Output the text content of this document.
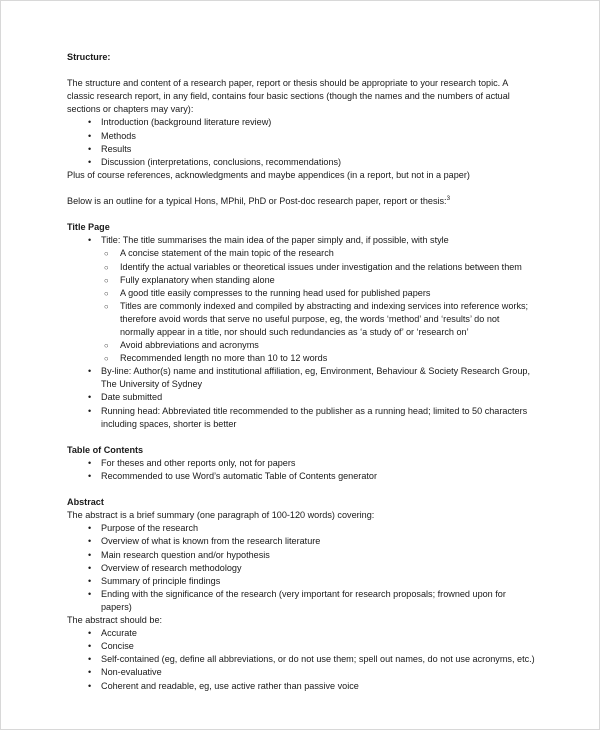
Structure:

The structure and content of a research paper, report or thesis should be appropriate to your research topic. A classic research report, in any field, contains four basic sections (though the names and the numbers of actual sections or chapters may vary):

• Introduction (background literature review)
• Methods
• Results
• Discussion (interpretations, conclusions, recommendations)

Plus of course references, acknowledgments and maybe appendices (in a report, but not in a paper)

Below is an outline for a typical Hons, MPhil, PhD or Post-doc research paper, report or thesis:$^3$

Title Page

• Title: The title summarises the main idea of the paper simply and, if possible, with style
○ A concise statement of the main topic of the research
○ Identify the actual variables or theoretical issues under investigation and the relations between them
○ Fully explanatory when standing alone
○ A good title easily compresses to the running head used for published papers
○ Titles are commonly indexed and compiled by abstracting and indexing services into reference works; therefore avoid words that serve no useful purpose, eg, the words ‘method’ and ‘results’ do not normally appear in a title, nor should such redundancies as ‘a study of’ or ‘research on’
○ Avoid abbreviations and acronyms
○ Recommended length no more than 10 to 12 words
• By-line: Author(s) name and institutional affiliation, eg, Environment, Behaviour & Society Research Group, The University of Sydney
• Date submitted
• Running head: Abbreviated title recommended to the publisher as a running head; limited to 50 characters including spaces, shorter is better

Table of Contents

• For theses and other reports only, not for papers
• Recommended to use Word’s automatic Table of Contents generator

Abstract

The abstract is a brief summary (one paragraph of 100-120 words) covering:

• Purpose of the research
• Overview of what is known from the research literature
• Main research question and/or hypothesis
• Overview of research methodology
• Summary of principle findings
• Ending with the significance of the research (very important for research proposals; frowned upon for papers)

The abstract should be:

• Accurate
• Concise
• Self-contained (eg, define all abbreviations, or do not use them; spell out names, do not use acronyms, etc.)
• Non-evaluative
• Coherent and readable, eg, use active rather than passive voice
